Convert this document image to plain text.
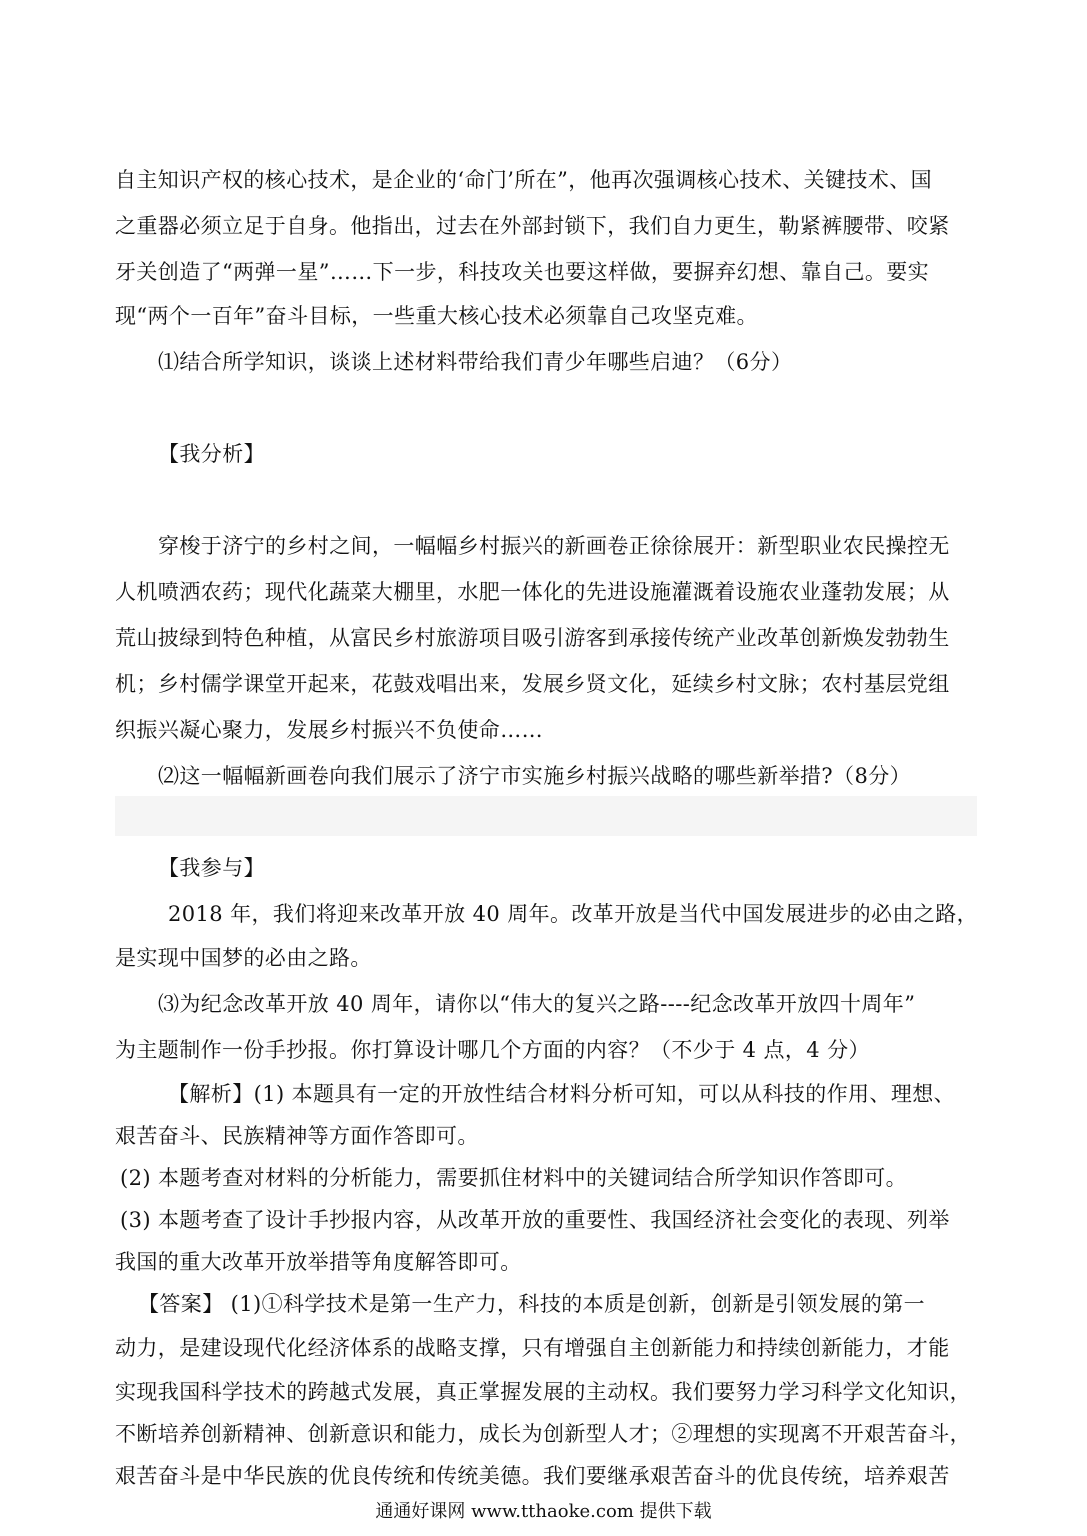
自主知识产权的核心技术，是企业的‘命门’所在”，他再次强调核心技术、关键技术、国
之重器必须立足于自身。他指出，过去在外部封锁下，我们自力更生，勒紧裤腰带、咬紧
牙关创造了“两弹一星”……下一步，科技攻关也要这样做，要摒弃幻想、靠自己。要实
现“两个一百年”奋斗目标，一些重大核心技术必须靠自己攻坚克难。
⑴结合所学知识，谈谈上述材料带给我们青少年哪些启迪？（6分）
【我分析】
穿梭于济宁的乡村之间，一幅幅乡村振兴的新画卷正徐徐展开：新型职业农民操控无
人机喷洒农药；现代化蔬菜大棚里，水肥一体化的先进设施灌溉着设施农业蓬勃发展；从
荒山披绿到特色种植，从富民乡村旅游项目吸引游客到承接传统产业改革创新焕发勃勃生
机；乡村儒学课堂开起来，花鼓戏唱出来，发展乡贤文化，延续乡村文脉；农村基层党组
织振兴凝心聚力，发展乡村振兴不负使命……
⑵这一幅幅新画卷向我们展示了济宁市实施乡村振兴战略的哪些新举措?（8分）
【我参与】
2018 年，我们将迎来改革开放 40 周年。改革开放是当代中国发展进步的必由之路，
是实现中国梦的必由之路。
⑶为纪念改革开放 40 周年，请你以“伟大的复兴之路----纪念改革开放四十周年”
为主题制作一份手抄报。你打算设计哪几个方面的内容？（不少于 4 点，4 分）
【解析】(1) 本题具有一定的开放性结合材料分析可知，可以从科技的作用、理想、
艰苦奋斗、民族精神等方面作答即可。
(2) 本题考查对材料的分析能力，需要抓住材料中的关键词结合所学知识作答即可。
(3) 本题考查了设计手抄报内容，从改革开放的重要性、我国经济社会变化的表现、列举
我国的重大改革开放举措等角度解答即可。
【答案】 (1)①科学技术是第一生产力，科技的本质是创新，创新是引领发展的第一
动力，是建设现代化经济体系的战略支撑，只有增强自主创新能力和持续创新能力，才能
实现我国科学技术的跨越式发展，真正掌握发展的主动权。我们要努力学习科学文化知识，
不断培养创新精神、创新意识和能力，成长为创新型人才；②理想的实现离不开艰苦奋斗，
艰苦奋斗是中华民族的优良传统和传统美德。我们要继承艰苦奋斗的优良传统，培养艰苦
通通好课网 www.tthaoke.com 提供下载
